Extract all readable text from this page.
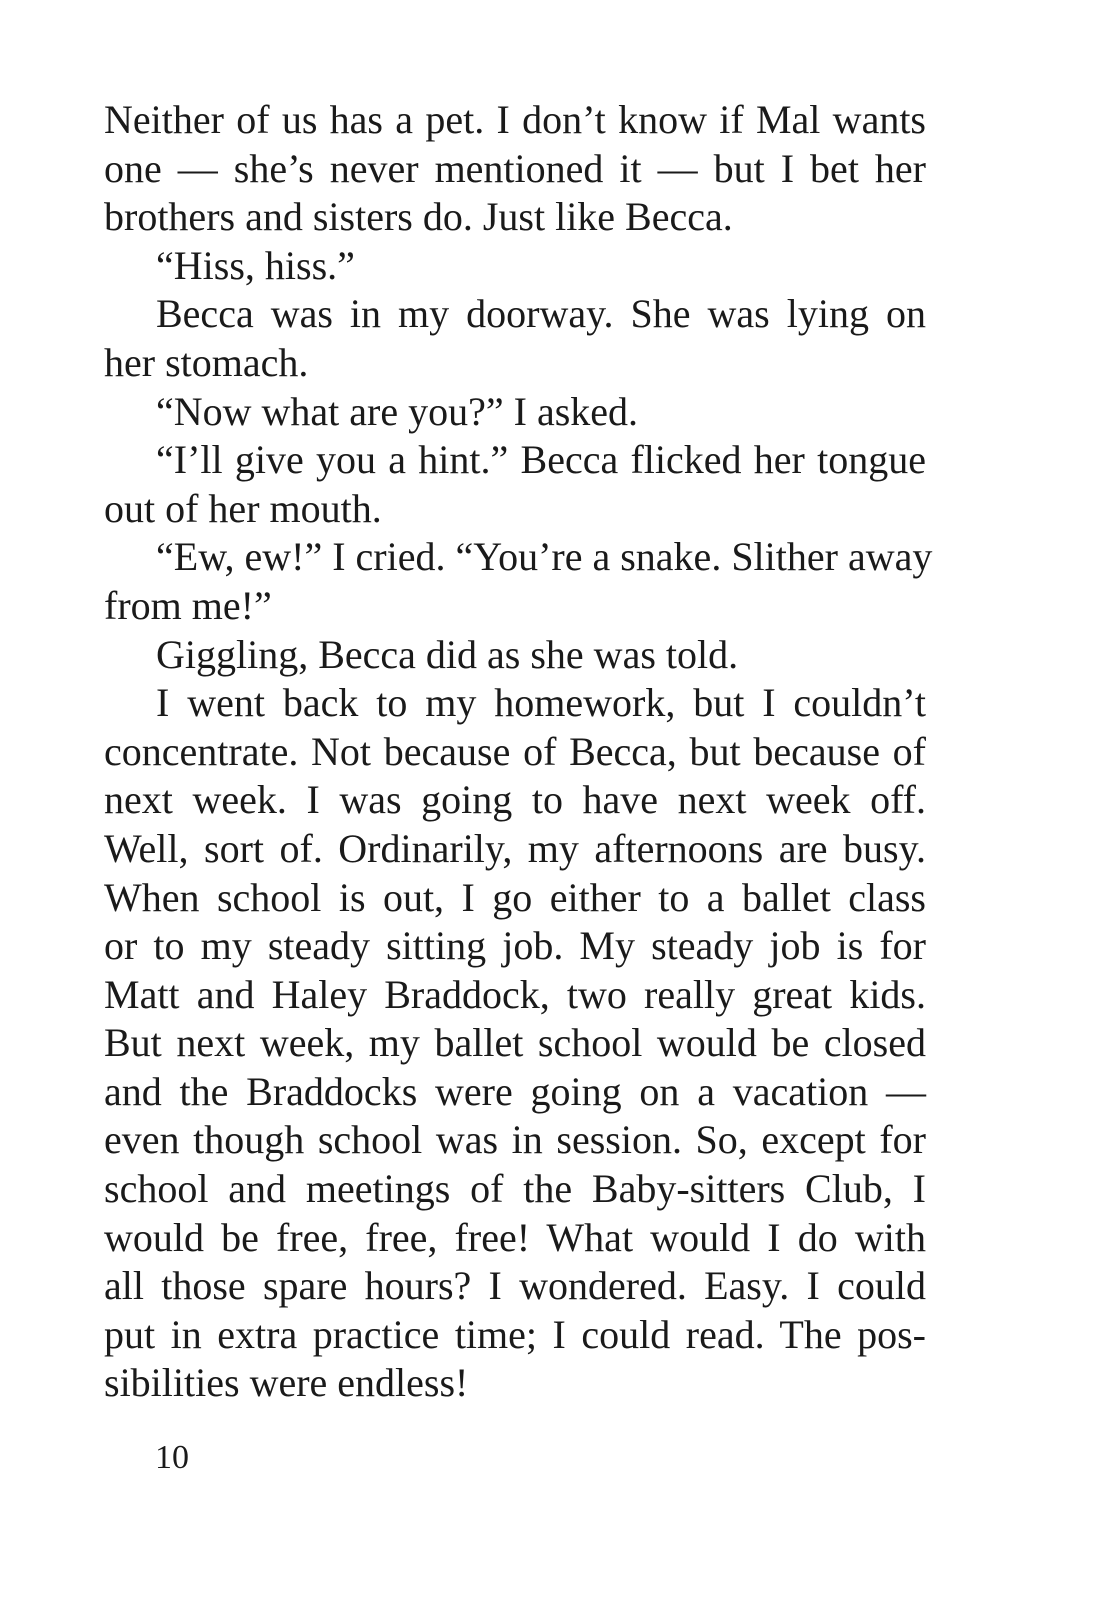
Neither of us has a pet. I don’t know if Mal wants
one — she’s never mentioned it — but I bet her
brothers and sisters do. Just like Becca.
“Hiss, hiss.”
Becca was in my doorway. She was lying on
her stomach.
“Now what are you?” I asked.
“I’ll give you a hint.” Becca flicked her tongue
out of her mouth.
“Ew, ew!” I cried. “You’re a snake. Slither away
from me!”
Giggling, Becca did as she was told.
I went back to my homework, but I couldn’t
concentrate. Not because of Becca, but because of
next week. I was going to have next week off.
Well, sort of. Ordinarily, my afternoons are busy.
When school is out, I go either to a ballet class
or to my steady sitting job. My steady job is for
Matt and Haley Braddock, two really great kids.
But next week, my ballet school would be closed
and the Braddocks were going on a vacation —
even though school was in session. So, except for
school and meetings of the Baby-sitters Club, I
would be free, free, free! What would I do with
all those spare hours? I wondered. Easy. I could
put in extra practice time; I could read. The pos-
sibilities were endless!
10
